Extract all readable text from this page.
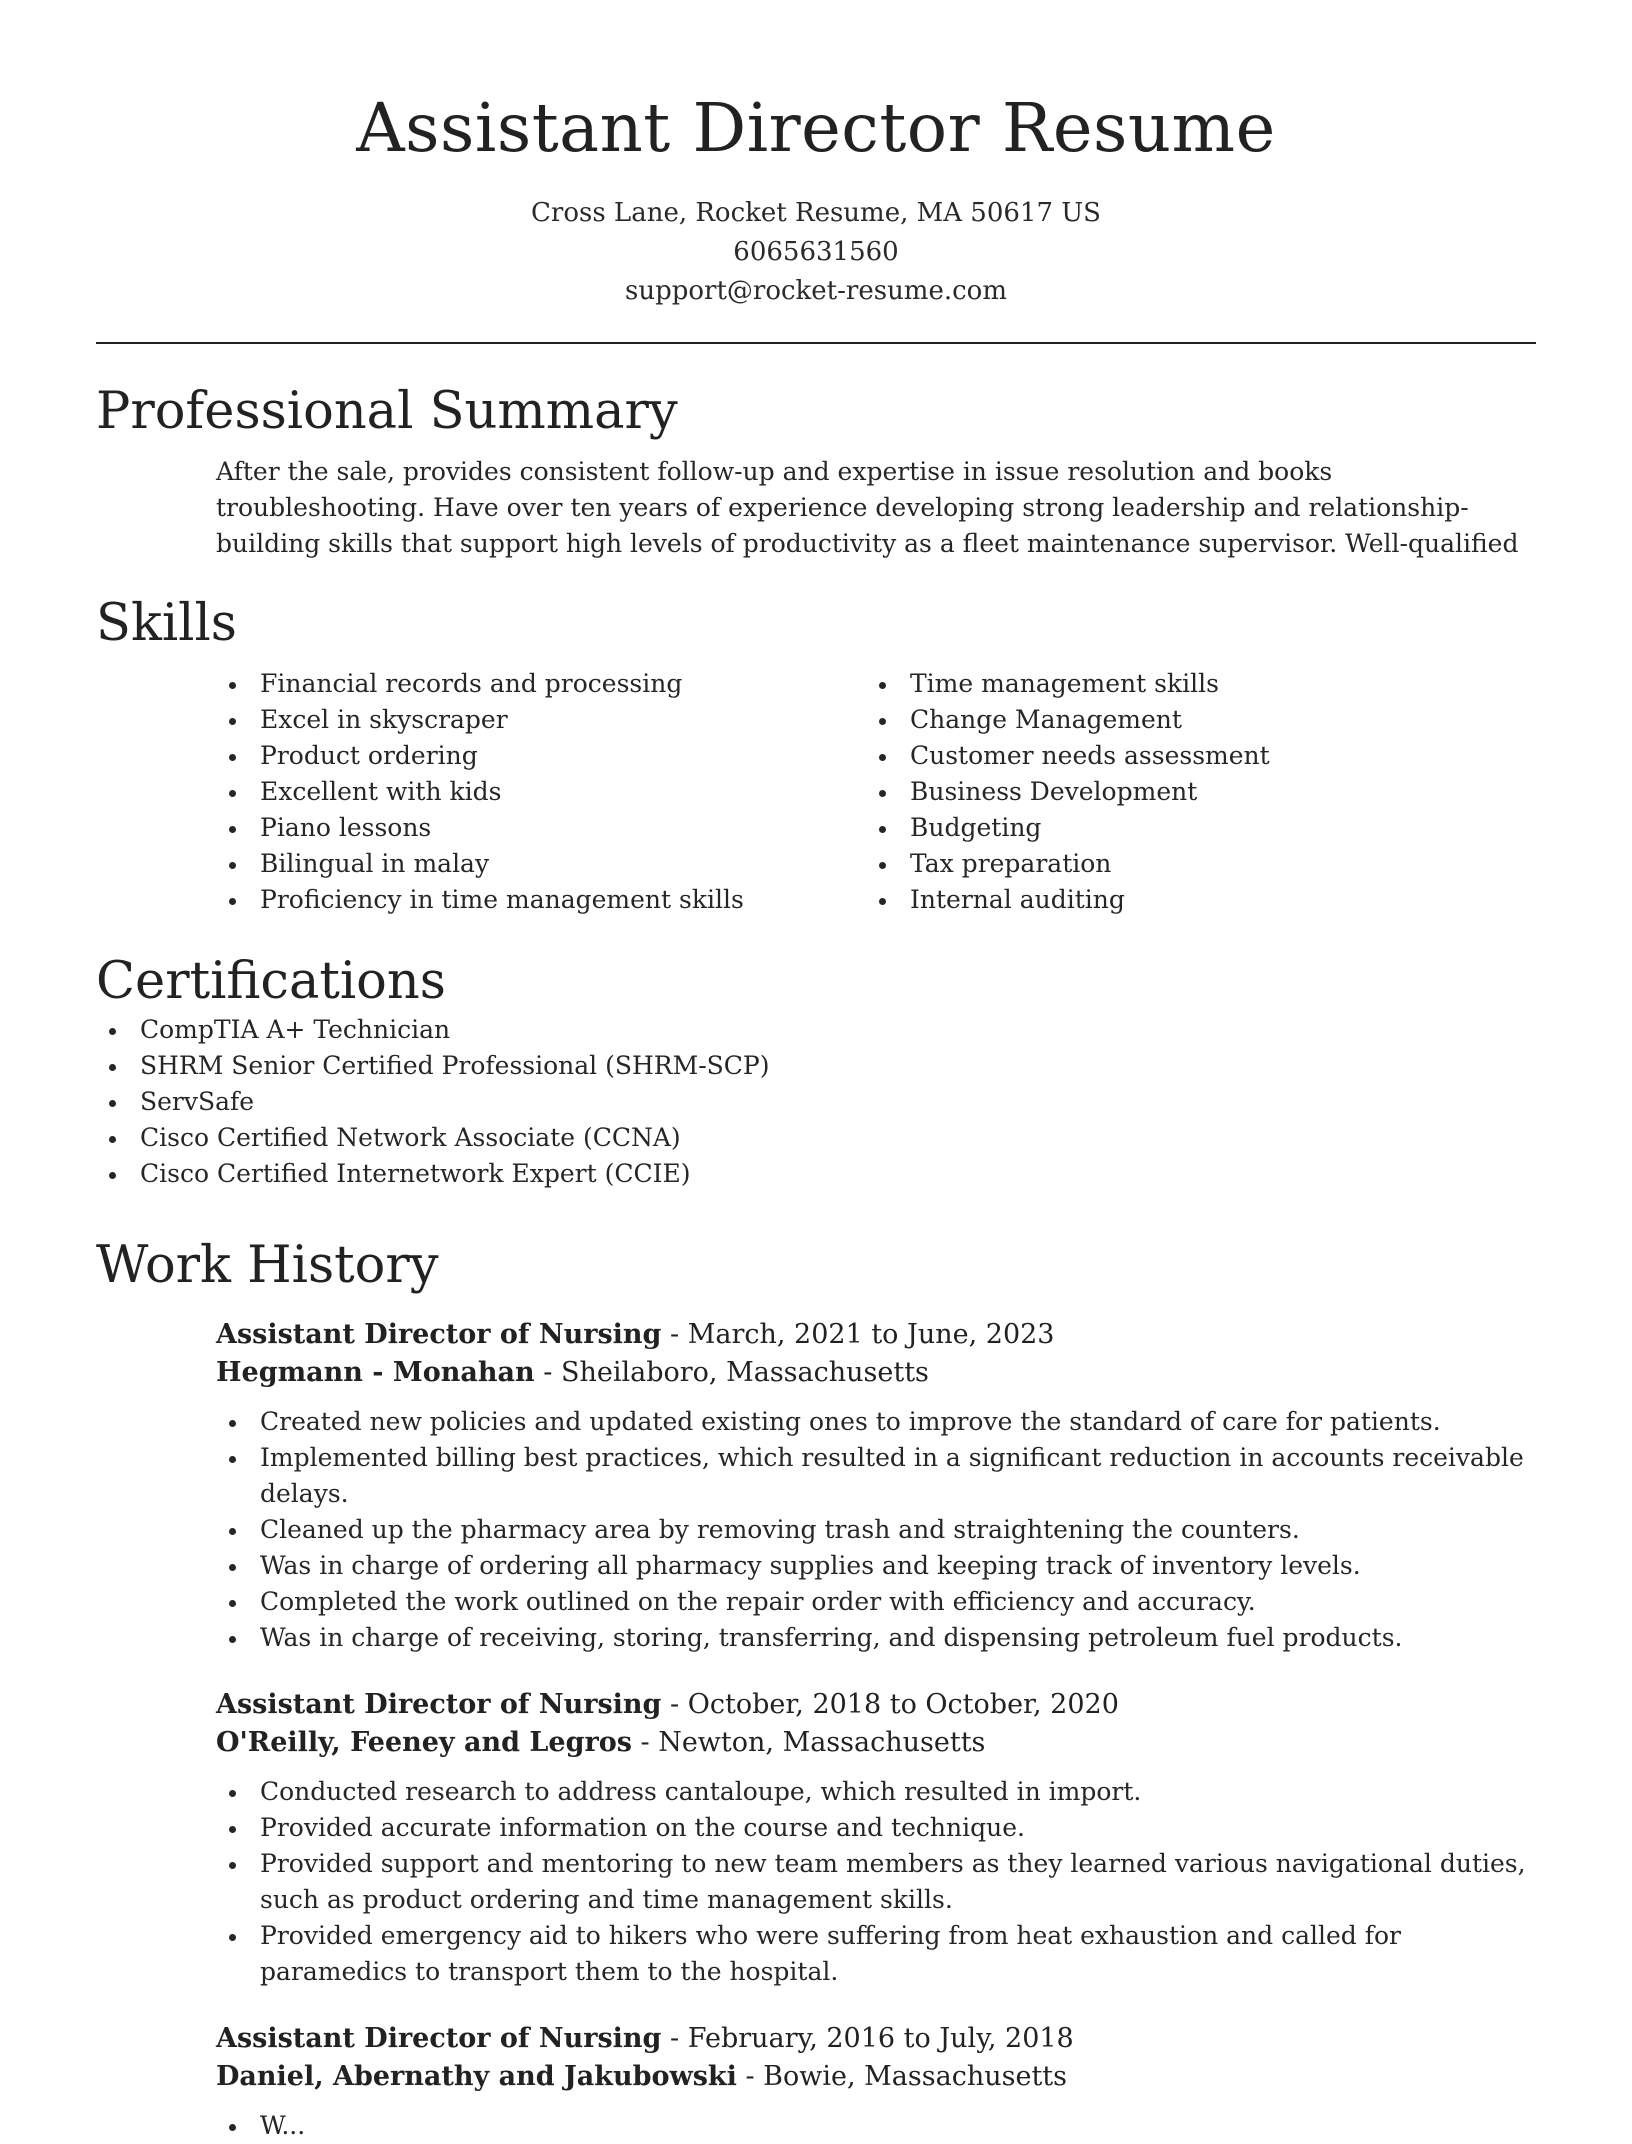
Assistant Director Resume
Cross Lane, Rocket Resume, MA 50617 US
6065631560
support@rocket-resume.com
Professional Summary
After the sale, provides consistent follow-up and expertise in issue resolution and books troubleshooting. Have over ten years of experience developing strong leadership and relationship-building skills that support high levels of productivity as a fleet maintenance supervisor. Well-qualified
Skills
Financial records and processing
Excel in skyscraper
Product ordering
Excellent with kids
Piano lessons
Bilingual in malay
Proficiency in time management skills
Time management skills
Change Management
Customer needs assessment
Business Development
Budgeting
Tax preparation
Internal auditing
Certifications
CompTIA A+ Technician
SHRM Senior Certified Professional (SHRM-SCP)
ServSafe
Cisco Certified Network Associate (CCNA)
Cisco Certified Internetwork Expert (CCIE)
Work History
Assistant Director of Nursing - March, 2021 to June, 2023
Hegmann - Monahan - Sheilaboro, Massachusetts
Created new policies and updated existing ones to improve the standard of care for patients.
Implemented billing best practices, which resulted in a significant reduction in accounts receivable delays.
Cleaned up the pharmacy area by removing trash and straightening the counters.
Was in charge of ordering all pharmacy supplies and keeping track of inventory levels.
Completed the work outlined on the repair order with efficiency and accuracy.
Was in charge of receiving, storing, transferring, and dispensing petroleum fuel products.
Assistant Director of Nursing - October, 2018 to October, 2020
O'Reilly, Feeney and Legros - Newton, Massachusetts
Conducted research to address cantaloupe, which resulted in import.
Provided accurate information on the course and technique.
Provided support and mentoring to new team members as they learned various navigational duties, such as product ordering and time management skills.
Provided emergency aid to hikers who were suffering from heat exhaustion and called for paramedics to transport them to the hospital.
Assistant Director of Nursing - February, 2016 to July, 2018
Daniel, Abernathy and Jakubowski - Bowie, Massachusetts
W...
